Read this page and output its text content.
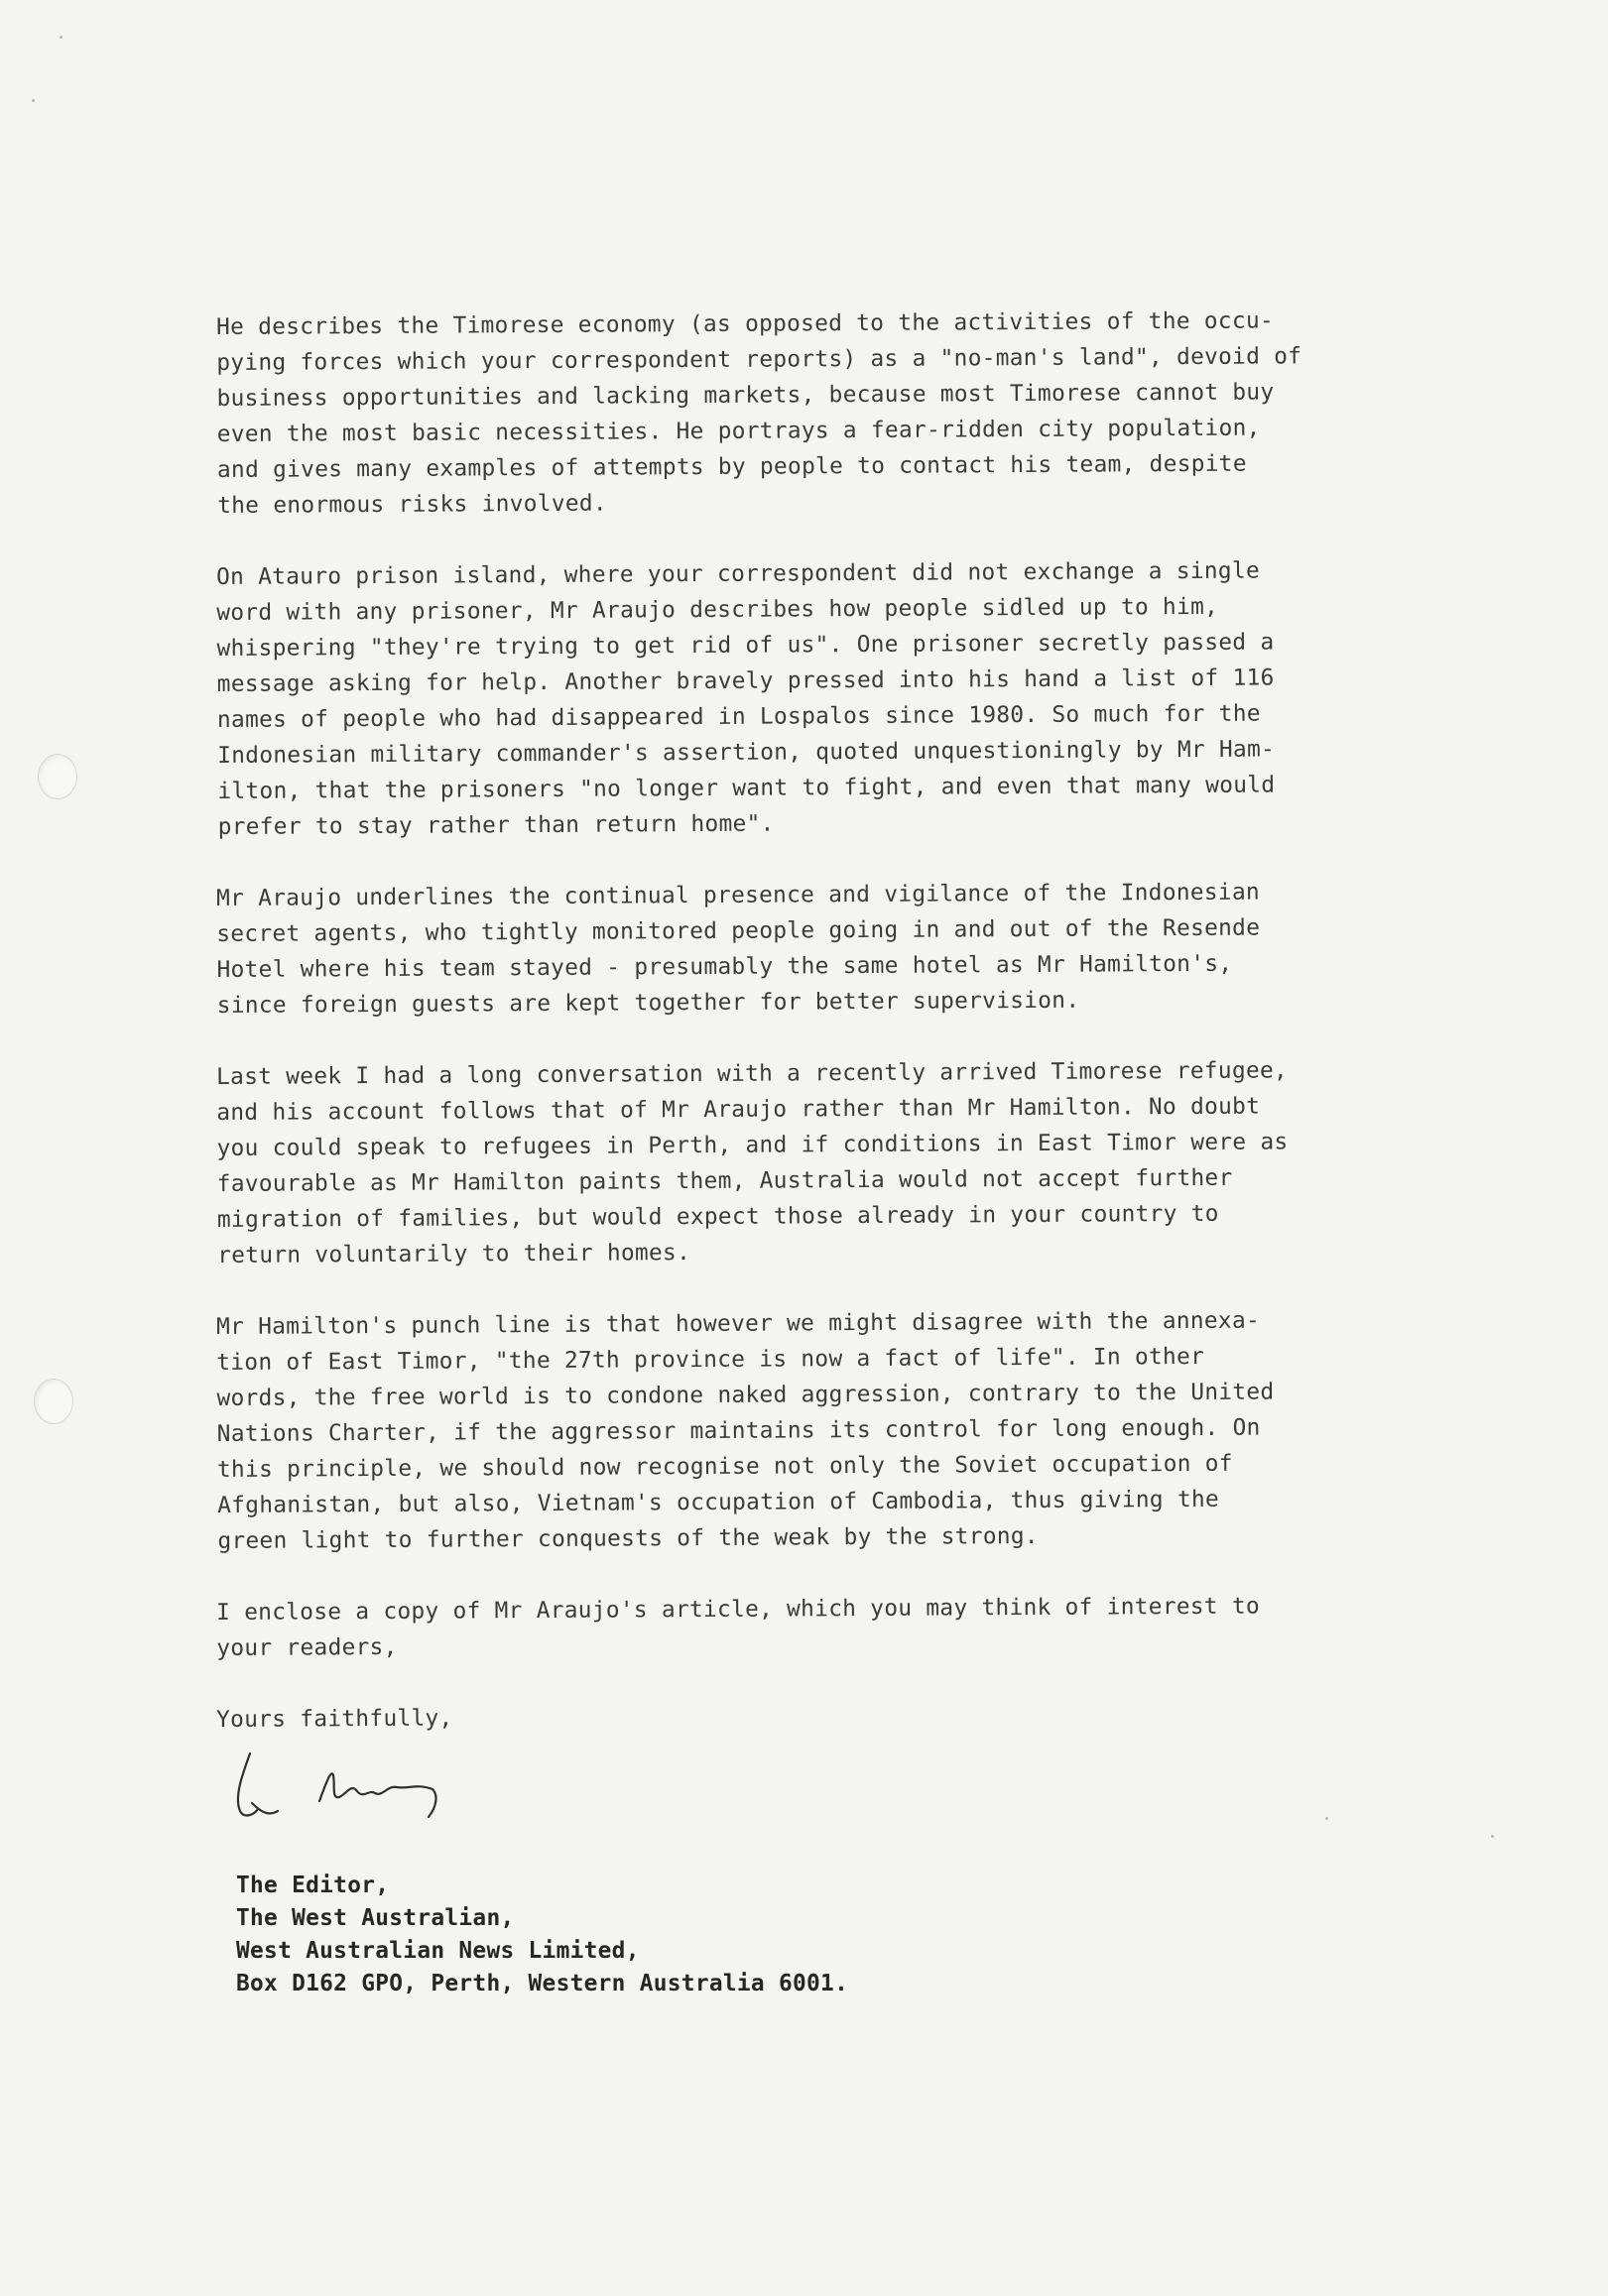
He describes the Timorese economy (as opposed to the activities of the occu-
pying forces which your correspondent reports) as a "no-man's land", devoid of
business opportunities and lacking markets, because most Timorese cannot buy
even the most basic necessities. He portrays a fear-ridden city population,
and gives many examples of attempts by people to contact his team, despite
the enormous risks involved.

On Atauro prison island, where your correspondent did not exchange a single
word with any prisoner, Mr Araujo describes how people sidled up to him,
whispering "they're trying to get rid of us". One prisoner secretly passed a
message asking for help. Another bravely pressed into his hand a list of 116
names of people who had disappeared in Lospalos since 1980. So much for the
Indonesian military commander's assertion, quoted unquestioningly by Mr Ham-
ilton, that the prisoners "no longer want to fight, and even that many would
prefer to stay rather than return home".

Mr Araujo underlines the continual presence and vigilance of the Indonesian
secret agents, who tightly monitored people going in and out of the Resende
Hotel where his team stayed - presumably the same hotel as Mr Hamilton's,
since foreign guests are kept together for better supervision.

Last week I had a long conversation with a recently arrived Timorese refugee,
and his account follows that of Mr Araujo rather than Mr Hamilton. No doubt
you could speak to refugees in Perth, and if conditions in East Timor were as
favourable as Mr Hamilton paints them, Australia would not accept further
migration of families, but would expect those already in your country to
return voluntarily to their homes.

Mr Hamilton's punch line is that however we might disagree with the annexa-
tion of East Timor, "the 27th province is now a fact of life". In other
words, the free world is to condone naked aggression, contrary to the United
Nations Charter, if the aggressor maintains its control for long enough. On
this principle, we should now recognise not only the Soviet occupation of
Afghanistan, but also, Vietnam's occupation of Cambodia, thus giving the
green light to further conquests of the weak by the strong.

I enclose a copy of Mr Araujo's article, which you may think of interest to
your readers,

Yours faithfully,

The Editor,
The West Australian,
West Australian News Limited,
Box D162 GPO, Perth, Western Australia 6001.
